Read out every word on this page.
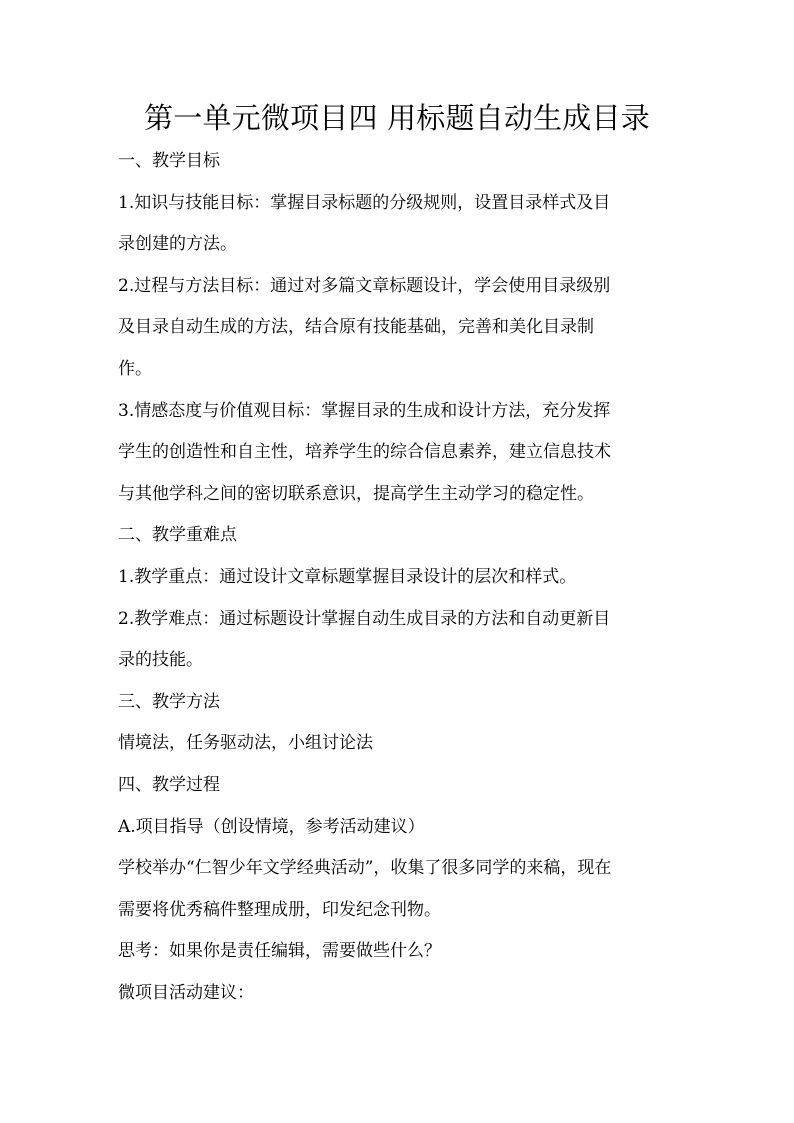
第一单元微项目四 用标题自动生成目录
一、教学目标
1.知识与技能目标：掌握目录标题的分级规则，设置目录样式及目
录创建的方法。
2.过程与方法目标：通过对多篇文章标题设计，学会使用目录级别
及目录自动生成的方法，结合原有技能基础，完善和美化目录制
作。
3.情感态度与价值观目标：掌握目录的生成和设计方法，充分发挥
学生的创造性和自主性，培养学生的综合信息素养，建立信息技术
与其他学科之间的密切联系意识，提高学生主动学习的稳定性。
二、教学重难点
1.教学重点：通过设计文章标题掌握目录设计的层次和样式。
2.教学难点：通过标题设计掌握自动生成目录的方法和自动更新目
录的技能。
三、教学方法
情境法，任务驱动法，小组讨论法
四、教学过程
A.项目指导（创设情境，参考活动建议）
学校举办“仁智少年文学经典活动”，收集了很多同学的来稿，现在
需要将优秀稿件整理成册，印发纪念刊物。
思考：如果你是责任编辑，需要做些什么？
微项目活动建议：
